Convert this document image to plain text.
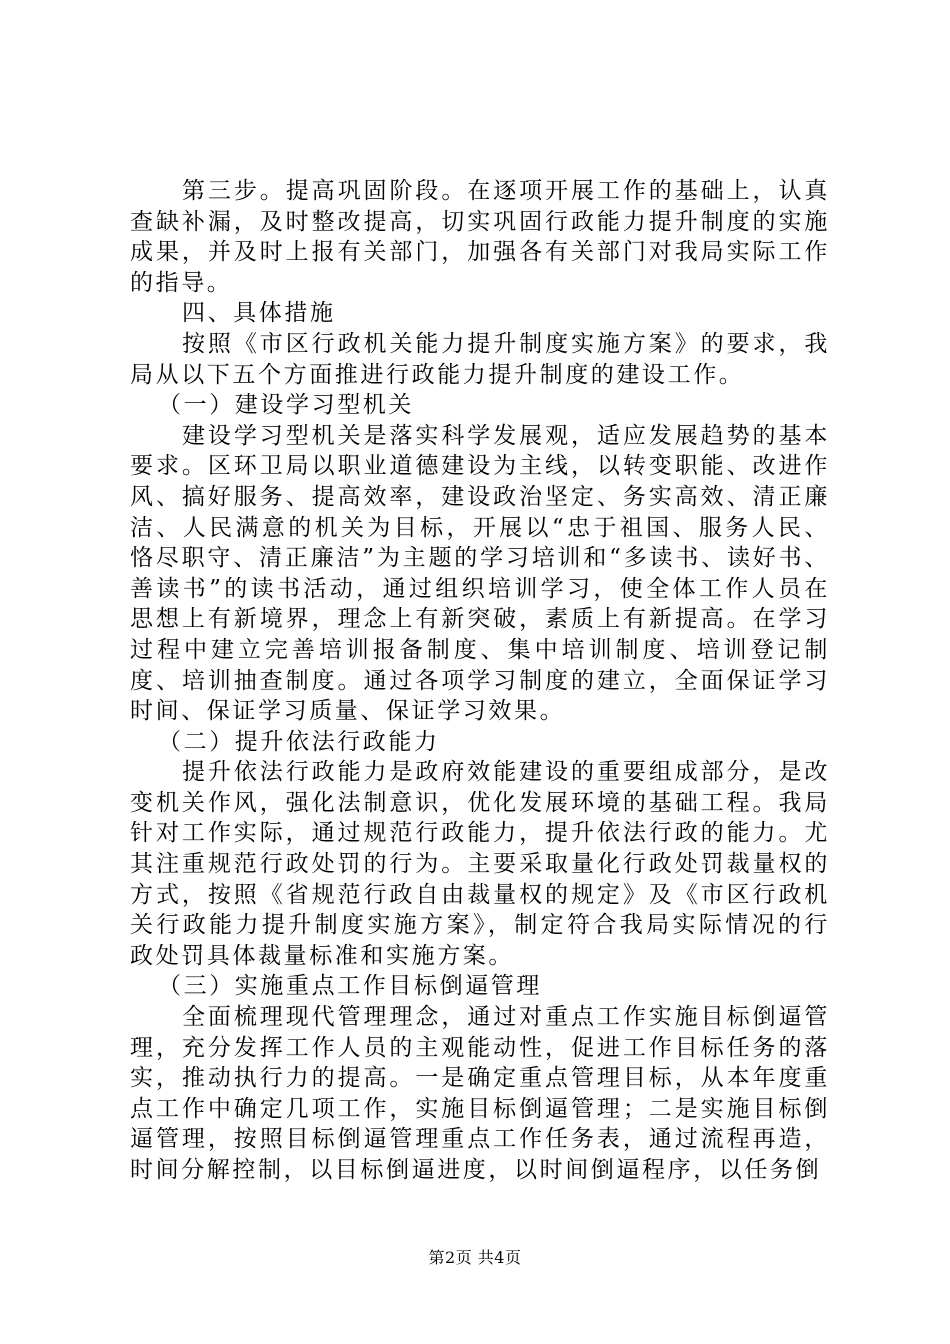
第三步。提高巩固阶段。在逐项开展工作的基础上，认真查缺补漏，及时整改提高，切实巩固行政能力提升制度的实施成果，并及时上报有关部门，加强各有关部门对我局实际工作的指导。

四、具体措施

按照《市区行政机关能力提升制度实施方案》的要求，我局从以下五个方面推进行政能力提升制度的建设工作。

（一）建设学习型机关

建设学习型机关是落实科学发展观，适应发展趋势的基本要求。区环卫局以职业道德建设为主线，以转变职能、改进作风、搞好服务、提高效率，建设政治坚定、务实高效、清正廉洁、人民满意的机关为目标，开展以“忠于祖国、服务人民、恪尽职守、清正廉洁”为主题的学习培训和“多读书、读好书、善读书”的读书活动，通过组织培训学习，使全体工作人员在思想上有新境界，理念上有新突破，素质上有新提高。在学习过程中建立完善培训报备制度、集中培训制度、培训登记制度、培训抽查制度。通过各项学习制度的建立，全面保证学习时间、保证学习质量、保证学习效果。

（二）提升依法行政能力

提升依法行政能力是政府效能建设的重要组成部分，是改变机关作风，强化法制意识，优化发展环境的基础工程。我局针对工作实际，通过规范行政能力，提升依法行政的能力。尤其注重规范行政处罚的行为。主要采取量化行政处罚裁量权的方式，按照《省规范行政自由裁量权的规定》及《市区行政机关行政能力提升制度实施方案》，制定符合我局实际情况的行政处罚具体裁量标准和实施方案。

（三）实施重点工作目标倒逼管理

全面梳理现代管理理念，通过对重点工作实施目标倒逼管理，充分发挥工作人员的主观能动性，促进工作目标任务的落实，推动执行力的提高。一是确定重点管理目标，从本年度重点工作中确定几项工作，实施目标倒逼管理；二是实施目标倒逼管理，按照目标倒逼管理重点工作任务表，通过流程再造，时间分解控制，以目标倒逼进度，以时间倒逼程序，以任务倒

第2页 共4页
